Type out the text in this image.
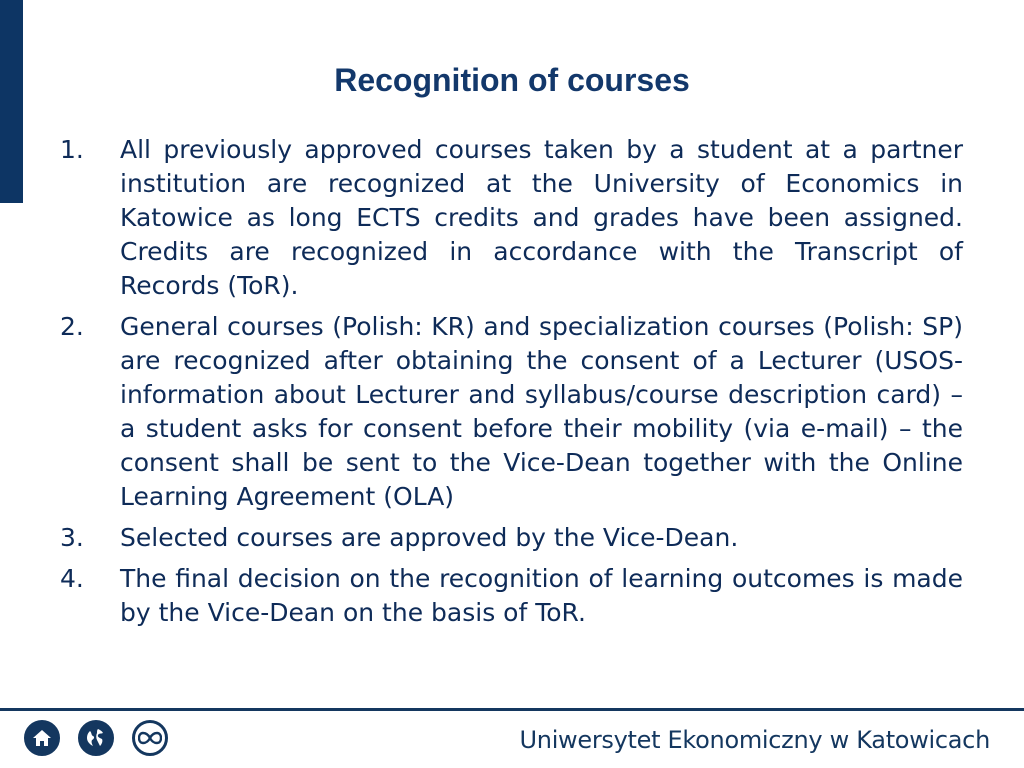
Recognition of courses
1. All previously approved courses taken by a student at a partner institution are recognized at the University of Economics in Katowice as long ECTS credits and grades have been assigned. Credits are recognized in accordance with the Transcript of Records (ToR).
2. General courses (Polish: KR) and specialization courses (Polish: SP) are recognized after obtaining the consent of a Lecturer (USOS- information about Lecturer and syllabus/course description card) – a student asks for consent before their mobility (via e-mail) – the consent shall be sent to the Vice-Dean together with the Online Learning Agreement (OLA)
3. Selected courses are approved by the Vice-Dean.
4. The final decision on the recognition of learning outcomes is made by the Vice-Dean on the basis of ToR.
Uniwersytet Ekonomiczny w Katowicach
